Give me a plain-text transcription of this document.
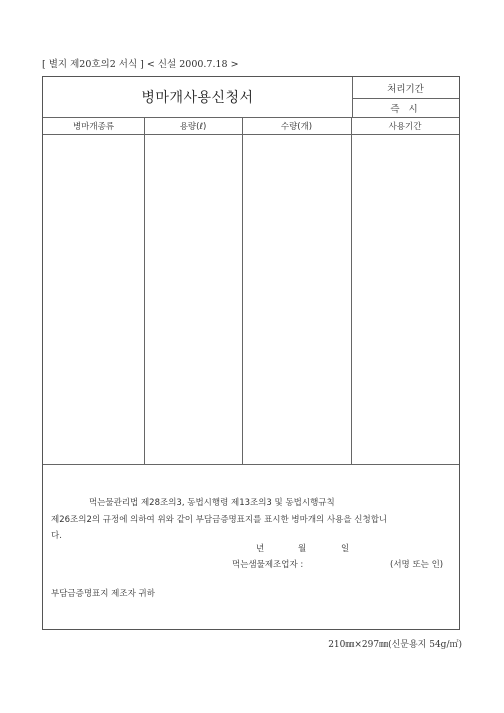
[ 별지 제20호의2 서식 ] < 신설 2000.7.18 >
병마개사용신청서
처리기간
즉 시
병마개종류	용량(ℓ)	수량(개)	사용기간
먹는물관리법 제28조의3, 동법시행령 제13조의3 및 동법시행규칙
제26조의2의 규정에 의하여 위와 같이 부담금증명표지를 표시한 병마개의 사용을 신청합니
다.
년	월	일
먹는샘물제조업자 :	(서명 또는 인)
부담금증명표지 제조자 귀하
210㎜×297㎜(신문용지 54g/㎡)
